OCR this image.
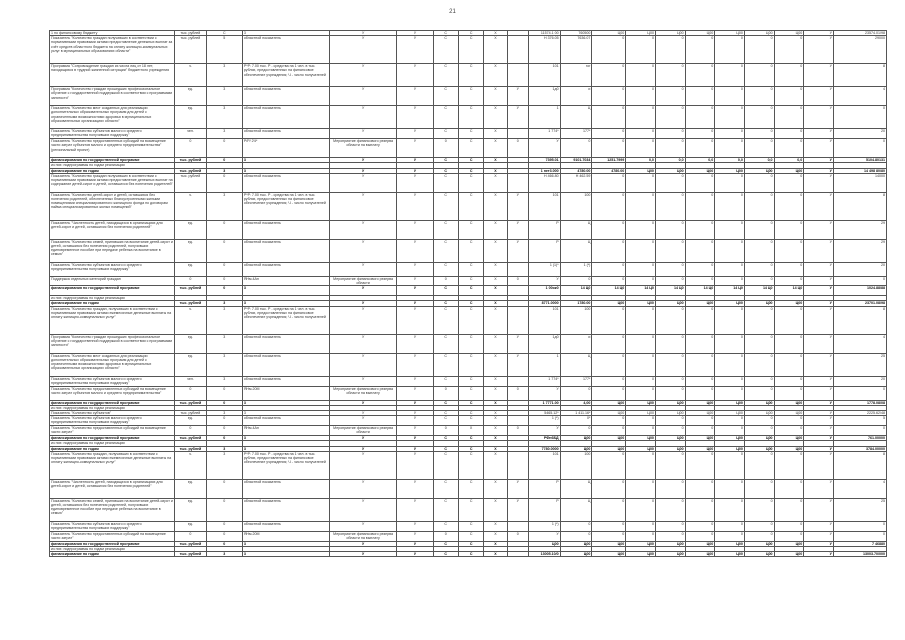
21
1 по финансовому бюджету	тыс. рублей	С	3	У	У	С	С	Х		11574.1 00	760500	Ц00	Ц00	Ц00	Ц00	Ц00	Ц00	Ц00	У	23574.01/98
Показатель "Количество граждан получивших в соответствии с нормативными правовыми актами предоставление денежных выплат за счёт средств областного бюджета на оплату жилищно-коммунальных услуг в муниципальных образованиях области"	тыс. рублей	5	областной показатель	У	У	С	С	Х		Н 376.05	7636.07	0	0	0	0	0	0	0	У	29000
Программа "Сопровождение граждан из числа лиц от 18 лет, находящихся в трудной жизненной ситуации" бюджетного учреждения	ч.	3	Р*Р: 7.00 тыс. Р - средства на 1 чел. в тыс. рублях, предоставленных на финансовое обеспечение учреждения; Ч - число получателей	У	У	С	С	Х		101	гог	0	0	0	0	0	0	0	У	8
Программа "Количество граждан прошедших профессиональное обучение с государственной поддержкой в соответствии с программами занятости"	ед.	3	областной показатель	У	У	С	С	Х	У	1д0	и	0	0	0	0	0	0	0	У	4
Показатель "Количество мест созданных для реализации дополнительных образовательных программ для детей с ограниченными возможностями здоровья в муниципальных образовательных организациях области"	ед.	3	областной показатель	У	У	С	С	Х	У	1	Ц	0	0	0	0	0	0	0	У	0
Показатель "Количество субъектов малого и среднего предпринимательства получивших поддержку"	чел.	3	областной показатель	У	У	С	С	Х		1 774*	177*	0	0	0	0	0	0	0	У	20
Показатель "Количество предоставленных субсидий на возмещение части затрат субъектов малого и среднего предпринимательства" (региональный проект)	0	0	Р/Р/ 2Ч*	Мероприятие финансового резерва области на выплату	У	0	С	Х	0	У	0	0	0	0	0	0	0	0	У	0
финансирования по государственной программе	тыс. рублей	0	3	У	У	С	С	Х		7395.01	9101.7034	1251.7999	0,0	0,0	0,0	0,0	0,0	0,0	У	5104.80131
из них: подпрограммы по годам реализации																				
финансирование по годам	тыс. рублей	3	3	У	У	С	С	Х		1 нет3.000	4780.00	4780.00	Ц00	Ц00	Ц00	Ц00	Ц00	Ц00	У	14 498 80/80
Показатель "Количество граждан получивших в соответствии с нормативными правовыми актами предоставление денежных выплат на содержание детей-сирот и детей, оставшихся без попечения родителей"	тыс. рублей	0	областной показатель	У	У	С	С	Х		Н 466.80	Н 462.59	0	0	0	0	0	0	0	У	14000
Показатель "Количество детей-сирот и детей, оставшихся без попечения родителей, обеспеченных благоустроенными жилыми помещениями специализированного жилищного фонда по договорам найма специализированных жилых помещений"	ч.	3	Р*Р: 7.00 тыс. Р - средства на 1 чел. в тыс. рублях, предоставленных на финансовое обеспечение учреждения; Ч - число получателей	У	У	С	С	Х	У	101	100	0	0	0	0	0	0	0	У	8
Показатель "Численность детей, находящихся в организациях для детей-сирот и детей, оставшихся без попечения родителей"	ед.	0	областной показатель	У	У	С	С	Х	У	Р	Ц	0	0	0	0	0	0	0	У	29
Показатель "Количество семей, принявших на воспитание детей-сирот и детей, оставшихся без попечения родителей, получивших единовременное пособие при передаче ребенка на воспитание в семью"	ед.	0	областной показатель	У	У	С	С	Х	У	Р	Ц	0	0	0	0	0	0	0	У	29
Показатель "Количество субъектов малого и среднего предпринимательства получивших поддержку"	ед.	0	областной показатель	У	У	С	С	Х		1 (1)*	1 (*)	0	0	0	0	0	0	0	У	20
Поддержка отдельных категорий граждан	0	0	ЯНм.4Ан	Мероприятие финансового резерва области	У	0	С	Х	0	У	0	0	0	0	0	0	0	0	У	0
финансирования по государственной программе	тыс. рублей	0	3	У	У	С	С	Х		1 00ок0	14 Ц0	14 Ц0	14 Ц0	14 Ц0	14 Ц0	14 Ц0	14 Ц0	14 Ц0	У	1024.88/88
из них: подпрограммы по годам реализации																				
финансирование по годам	тыс. рублей	3	3	У	У	С	С	Х		8771.0000	1780.00	Ц00	Ц00	Ц00	Ц00	Ц00	Ц00	Ц00	У	23701.08/98
Показатель "Количество граждан, получивших в соответствии с нормативными правовыми актами ежемесячные денежные выплаты на оплату жилищно-коммунальных услуг"	ч.	3	Р*Р: 7.00 тыс. Р - средства на 1 чел. в тыс. рублях, предоставленных на финансовое обеспечение учреждения; Ч - число получателей	У	У	С	С	Х		101	100	0	0	0	0	0	0	0	У	8
Программа "Количество граждан прошедших профессиональное обучение с государственной поддержкой в соответствии с программами занятости"	ед.	3	областной показатель	У	У	С	С	Х	У	1д0	и	0	0	0	0	0	0	0	У	4
Показатель "Количество мест созданных для реализации дополнительных образовательных программ для детей с ограниченными возможностями здоровья в муниципальных образовательных организациях области"	ед.	3	областной показатель	У	У	С	С	Х	У	1	Ц	0	0	0	0	0	0	0	У	25
Показатель "Количество субъектов малого и среднего предпринимательства получивших поддержку"	чел.	3	областной показатель	У	У	С	С	Х		1 774*	177*	0	0	0	0	0	0	0	У	20
Показатель "Количество предоставленных субсидий на возмещение части затрат субъектов малого и среднего предпринимательства"	0	0	ЯНм.20М	Мероприятие финансового резерва области на выплату	У	0	С	Х	0	У	0	0	0	0	0	0	0	0	У	0
финансирования по государственной программе	тыс. рублей	0	3	У	У	С	С	Х		1 7771.00	4,00	Ц00	Ц00	Ц00	Ц00	Ц00	Ц00	Ц00	У	1778.08/08
из них: подпрограммы по годам реализации																				
Показатель "Количество субъектов"	тыс. рублей	3	3	У	У	С	С	Х		5465.12*	1 411.16*	Ц00	Ц00	Ц00	Ц00	Ц00	Ц00	Ц00	У	2225.62/48
Показатель "Количество субъектов малого и среднего предпринимательства получивших поддержку"	ед.	0	областной показатель	У	У	С	С	Х		1 (*)	0*	0	0	0	0	0	0	0	У	5
Показатель "Количество предоставленных субсидий на возмещение части затрат"	0	0	ЯНм.4Ан	Мероприятие финансового резерва области	У	0	Х	Х	0	У	0	0	0	0	0	0	0	0	У	0
финансирования по государственной программе	тыс. рублей	0	3	У	У	С	С	Х		РФн6БД	Ц00	Ц00	Ц00	Ц00	Ц00	Ц00	Ц00	Ц00	У	761.00000
из них: подпрограммы по годам реализации																				
финансирование по годам	тыс. рублей	3	3	У	У	С	С	Х		7780.0000	Ц00	Ц00	Ц00	Ц00	Ц00	Ц00	Ц00	Ц00	У	3784.00000
Показатель "Количество граждан, получивших в соответствии с нормативными правовыми актами ежемесячные денежные выплаты на оплату жилищно-коммунальных услуг"	ч.	3	Р*Р: 7.00 тыс. Р - средства на 1 чел. в тыс. рублях, предоставленных на финансовое обеспечение учреждения; Ч - число получателей	У	У	С	С	Х		101	100	0	0	0	0	0	0	0	У	8
Показатель "Численность детей, находящихся в организациях для детей-сирот и детей, оставшихся без попечения родителей"	ед.	0	областной показатель	У	У	С	С	Х	У	Р	Ц	0	0	0	0	0	0	0	У	4
Показатель "Количество семей, принявших на воспитание детей-сирот и детей, оставшихся без попечения родителей, получивших единовременное пособие при передаче ребенка на воспитание в семью"	ед.	0	областной показатель	У	У	С	С	Х	У	Р	Ц	0	0	0	0	0	0	0	У	25
Показатель "Количество субъектов малого и среднего предпринимательства получивших поддержку"	ед.	0	областной показатель	У	У	С	С	Х		1 (*)	0	0	0	0	0	0	0	0	У	0
Показатель "Количество предоставленных субсидий на возмещение части затрат"	0	0	ЯНм.20М	Мероприятие финансового резерва области на выплату	У	0	С	Х	0	У	0	0	0	0	0	0	0	0	У	0
финансирования по государственной программе	тыс. рублей	0	3	У	У	С	С	Х		Ц00	Ц00	Ц00	Ц00	Ц00	Ц00	Ц00	Ц00	Ц00	У	7 46880
из них: подпрограммы по годам реализации																				
финансирование по годам	тыс. рублей	3	3	У	У	С	С	Х		13005.10/0	Ц00	Ц00	Ц00	Ц00	Ц00	Ц00	Ц00	Ц00	У	13003.70/000
